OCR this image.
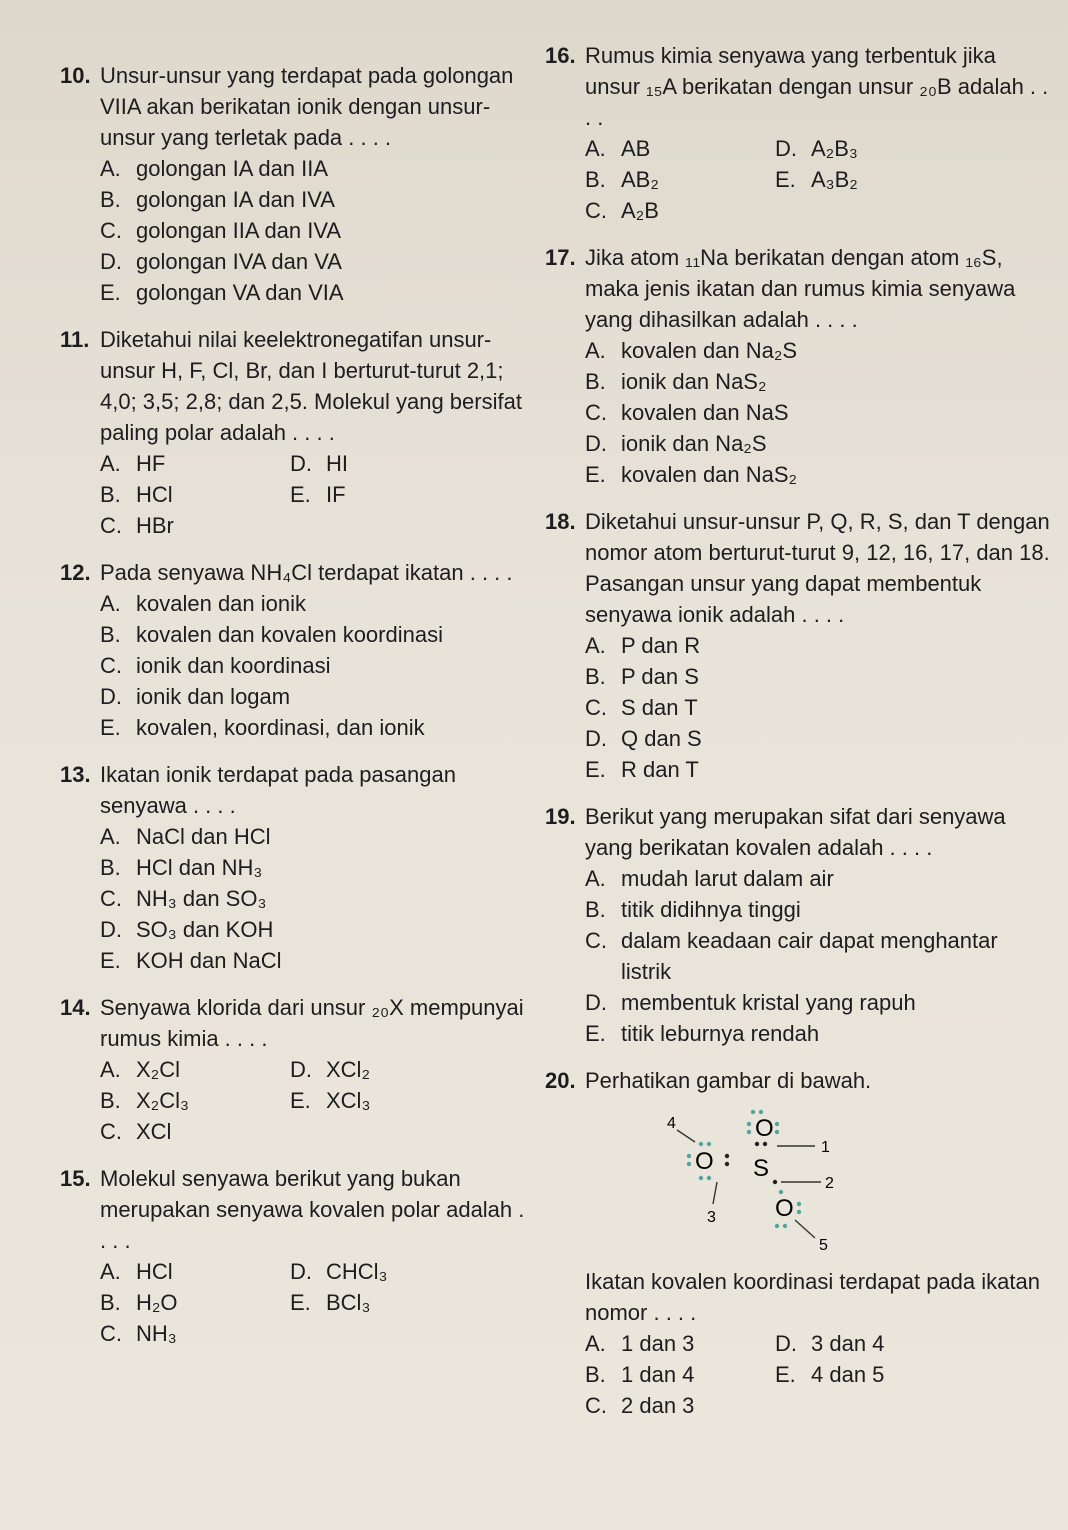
10. Unsur-unsur yang terdapat pada golongan VIIA akan berikatan ionik dengan unsur-unsur yang terletak pada . . . .
A. golongan IA dan IIA
B. golongan IA dan IVA
C. golongan IIA dan IVA
D. golongan IVA dan VA
E. golongan VA dan VIA
11. Diketahui nilai keelektronegatifan unsur-unsur H, F, Cl, Br, dan I berturut-turut 2,1; 4,0; 3,5; 2,8; dan 2,5. Molekul yang bersifat paling polar adalah . . . .
A. HF	D. HI
B. HCl	E. IF
C. HBr
12. Pada senyawa NH₄Cl terdapat ikatan . . . .
A. kovalen dan ionik
B. kovalen dan kovalen koordinasi
C. ionik dan koordinasi
D. ionik dan logam
E. kovalen, koordinasi, dan ionik
13. Ikatan ionik terdapat pada pasangan senyawa . . . .
A. NaCl dan HCl
B. HCl dan NH₃
C. NH₃ dan SO₃
D. SO₃ dan KOH
E. KOH dan NaCl
14. Senyawa klorida dari unsur ₂₀X mempunyai rumus kimia . . . .
A. X₂Cl	D. XCl₂
B. X₂Cl₃	E. XCl₃
C. XCl
15. Molekul senyawa berikut yang bukan merupakan senyawa kovalen polar adalah . . . .
A. HCl	D. CHCl₃
B. H₂O	E. BCl₃
C. NH₃
16. Rumus kimia senyawa yang terbentuk jika unsur ₁₅A berikatan dengan unsur ₂₀B adalah . . . .
A. AB	D. A₂B₃
B. AB₂	E. A₃B₂
C. A₂B
17. Jika atom ₁₁Na berikatan dengan atom ₁₆S, maka jenis ikatan dan rumus kimia senyawa yang dihasilkan adalah . . . .
A. kovalen dan Na₂S
B. ionik dan NaS₂
C. kovalen dan NaS
D. ionik dan Na₂S
E. kovalen dan NaS₂
18. Diketahui unsur-unsur P, Q, R, S, dan T dengan nomor atom berturut-turut 9, 12, 16, 17, dan 18. Pasangan unsur yang dapat membentuk senyawa ionik adalah . . . .
A. P dan R
B. P dan S
C. S dan T
D. Q dan S
E. R dan T
19. Berikut yang merupakan sifat dari senyawa yang berikatan kovalen adalah . . . .
A. mudah larut dalam air
B. titik didihnya tinggi
C. dalam keadaan cair dapat menghantar listrik
D. membentuk kristal yang rapuh
E. titik leburnya rendah
20. Perhatikan gambar di bawah.
O
O S
O
1
2
3
4
5
Ikatan kovalen koordinasi terdapat pada ikatan nomor . . . .
A. 1 dan 3	D. 3 dan 4
B. 1 dan 4	E. 4 dan 5
C. 2 dan 3
